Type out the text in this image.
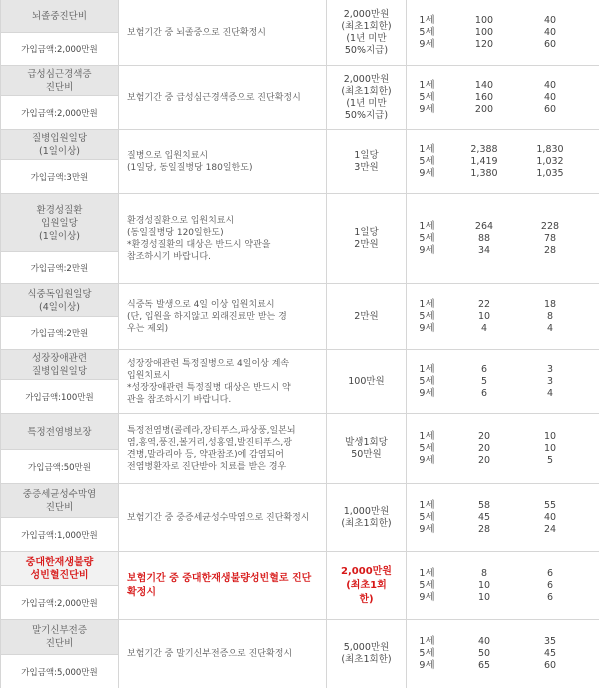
뇌졸중진단비
가입금액:2,000만원
보험기간 중 뇌졸중으로 진단확정시
2,000만원
(최초1회한)
(1년 미만
50%지급)
1세
5세
9세
100
100
120
40
40
60
급성심근경색증
진단비
가입금액:2,000만원
보험기간 중 급성심근경색증으로 진단확정시
2,000만원
(최초1회한)
(1년 미만
50%지급)
1세
5세
9세
140
160
200
40
40
60
질병입원일당
(1일이상)
가입금액:3만원
질병으로 입원치료시
(1일당, 동일질병당 180일한도)
1일당
3만원
1세
5세
9세
2,388
1,419
1,380
1,830
1,032
1,035
환경성질환
입원일당
(1일이상)
가입금액:2만원
환경성질환으로 입원치료시
(동일질병당 120일한도)
*환경성질환의 대상은 반드시 약관을
참조하시기 바랍니다.
1일당
2만원
1세
5세
9세
264
88
34
228
78
28
식중독입원일당
(4일이상)
가입금액:2만원
식중독 발생으로 4일 이상 입원치료시
(단, 입원을 하지않고 외래진료만 받는 경
우는 제외)
2만원
1세
5세
9세
22
10
4
18
8
4
성장장애관련
질병입원일당
가입금액:100만원
성장장애관련 특정질병으로 4일이상 계속
입원치료시
*성장장애관련 특정질병 대상은 반드시 약
관을 참조하시기 바랍니다.
100만원
1세
5세
9세
6
5
6
3
3
4
특정전염병보장
가입금액:50만원
특정전염병(콜레라,장티푸스,파상풍,일본뇌
염,홍역,풍진,볼거리,성홍열,발진티푸스,광
견병,말라리아 등, 약관참조)에 감염되어
전염병환자로 진단받아 치료를 받은 경우
발생1회당
50만원
1세
5세
9세
20
20
20
10
10
5
중증세균성수막염
진단비
가입금액:1,000만원
보험기간 중 중증세균성수막염으로 진단확정시
1,000만원
(최초1회한)
1세
5세
9세
58
45
28
55
40
24
중대한재생불량
성빈혈진단비
가입금액:2,000만원
보험기간 중 중대한재생불량성빈혈로 진단확정시
2,000만원
(최초1회
한)
1세
5세
9세
8
10
10
6
6
6
말기신부전증
진단비
가입금액:5,000만원
보험기간 중 말기신부전증으로 진단확정시
5,000만원
(최초1회한)
1세
5세
9세
40
50
65
35
45
60
